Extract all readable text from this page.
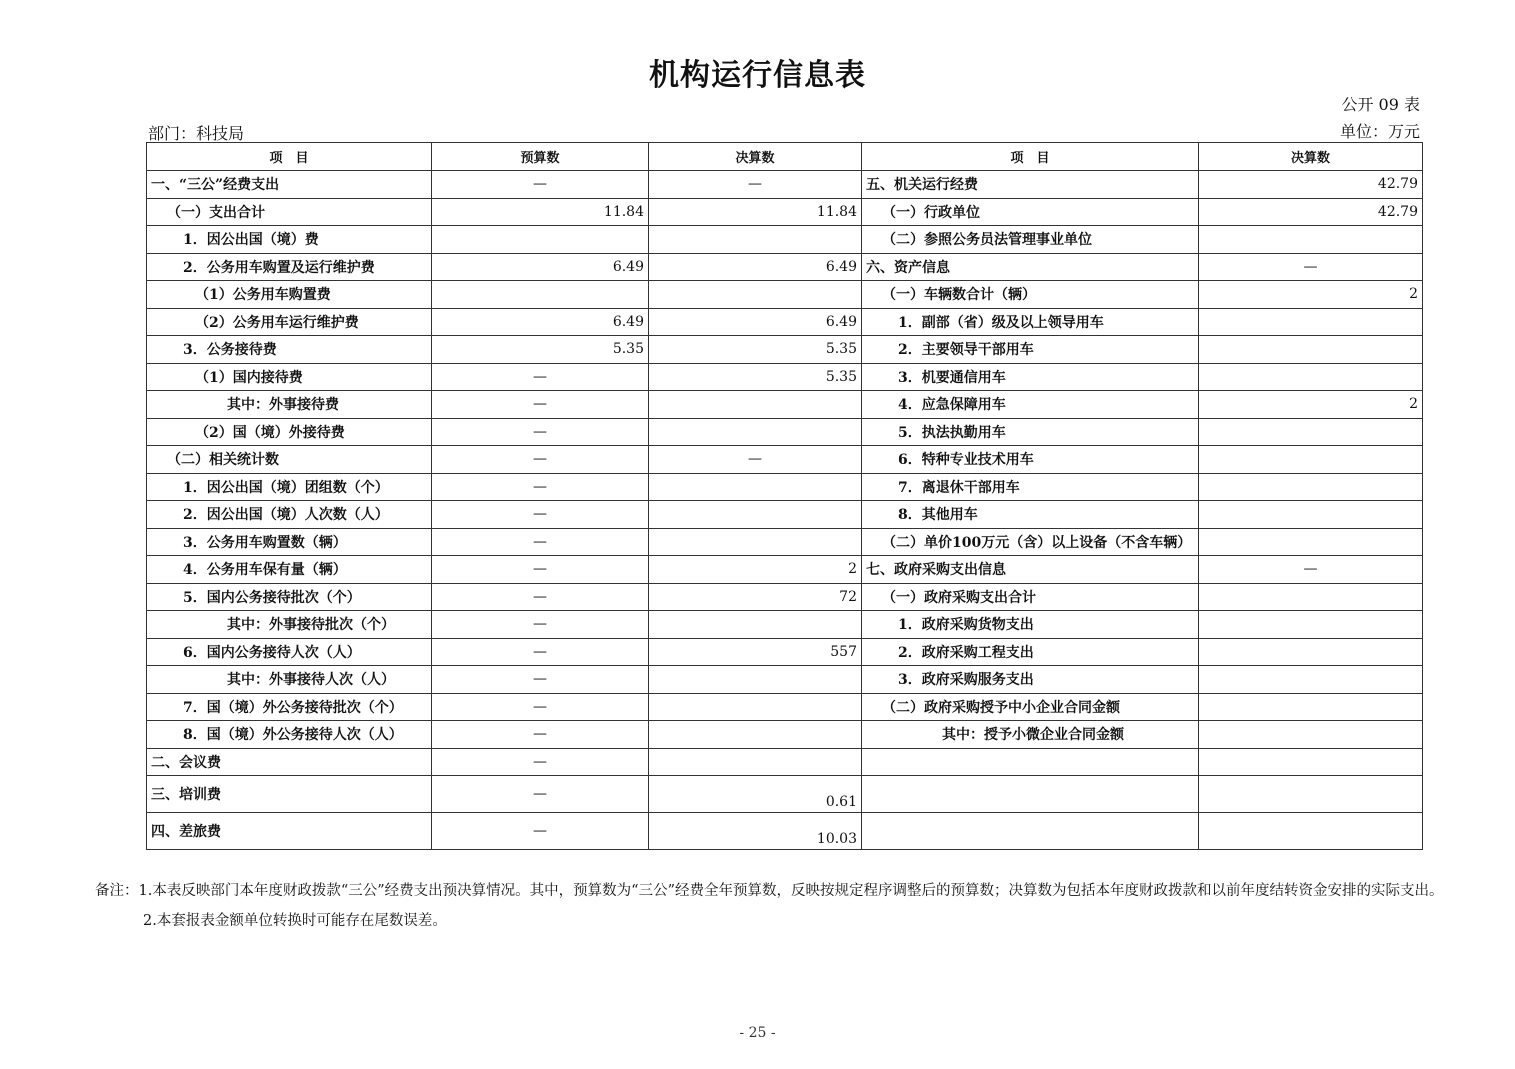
机构运行信息表
公开 09 表
部门：科技局	单位：万元
项　目	预算数	决算数	项　目	决算数
一、“三公”经费支出	—	—	五、机关运行经费	42.79
（一）支出合计	11.84	11.84	（一）行政单位	42.79
1．因公出国（境）费			（二）参照公务员法管理事业单位	
2．公务用车购置及运行维护费	6.49	6.49	六、资产信息	—
（1）公务用车购置费			（一）车辆数合计（辆）	2
（2）公务用车运行维护费	6.49	6.49	1．副部（省）级及以上领导用车	
3．公务接待费	5.35	5.35	2．主要领导干部用车	
（1）国内接待费	—	5.35	3．机要通信用车	
其中：外事接待费	—		4．应急保障用车	2
（2）国（境）外接待费	—		5．执法执勤用车	
（二）相关统计数	—	—	6．特种专业技术用车	
1．因公出国（境）团组数（个）	—		7．离退休干部用车	
2．因公出国（境）人次数（人）	—		8．其他用车	
3．公务用车购置数（辆）	—		（二）单价100万元（含）以上设备（不含车辆）	
4．公务用车保有量（辆）	—	2	七、政府采购支出信息	—
5．国内公务接待批次（个）	—	72	（一）政府采购支出合计	
其中：外事接待批次（个）	—		1．政府采购货物支出	
6．国内公务接待人次（人）	—	557	2．政府采购工程支出	
其中：外事接待人次（人）	—		3．政府采购服务支出	
7．国（境）外公务接待批次（个）	—		（二）政府采购授予中小企业合同金额	
8．国（境）外公务接待人次（人）	—		其中：授予小微企业合同金额	
二、会议费	—			
三、培训费	—	0.61		
四、差旅费	—	10.03		

备注：1.本表反映部门本年度财政拨款“三公”经费支出预决算情况。其中，预算数为“三公”经费全年预算数，反映按规定程序调整后的预算数；决算数为包括本年度财政拨款和以前年度结转资金安排的实际支出。

2.本套报表金额单位转换时可能存在尾数误差。

- 25 -
